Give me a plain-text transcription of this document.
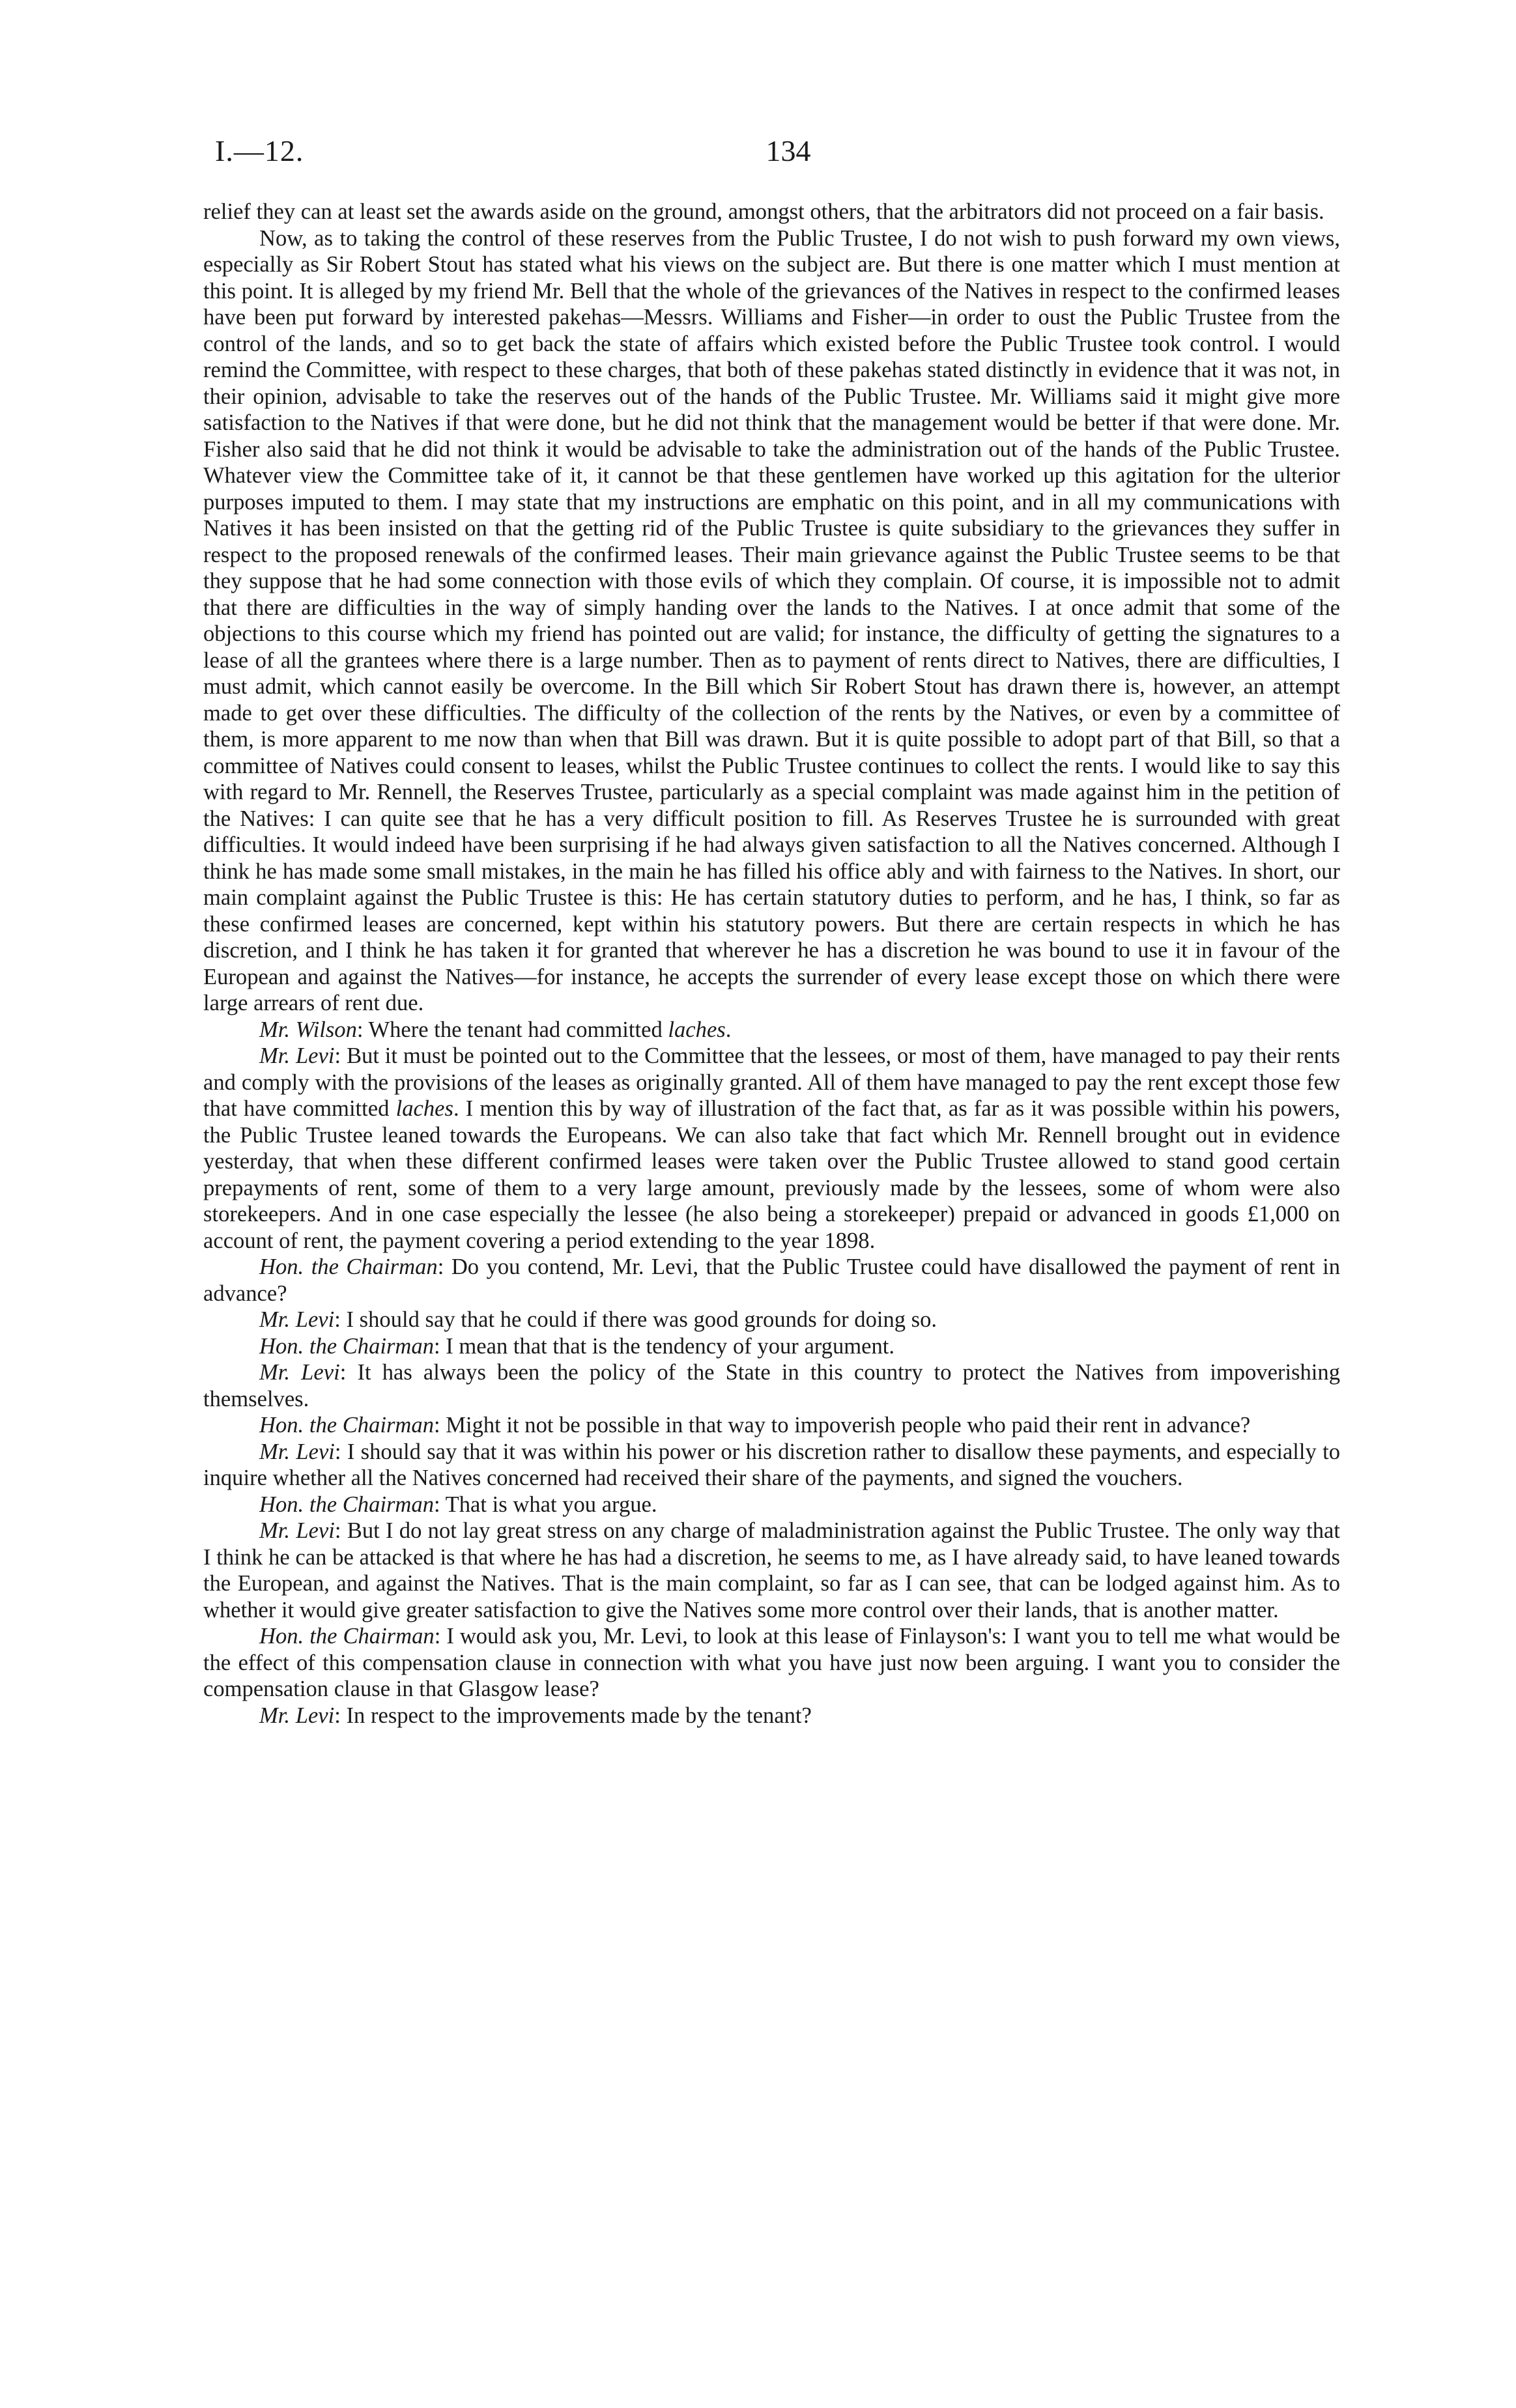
I.—12.	134

relief they can at least set the awards aside on the ground, amongst others, that the arbitrators did not proceed on a fair basis.

Now, as to taking the control of these reserves from the Public Trustee, I do not wish to push forward my own views, especially as Sir Robert Stout has stated what his views on the subject are. But there is one matter which I must mention at this point. It is alleged by my friend Mr. Bell that the whole of the grievances of the Natives in respect to the confirmed leases have been put forward by interested pakehas—Messrs. Williams and Fisher—in order to oust the Public Trustee from the control of the lands, and so to get back the state of affairs which existed before the Public Trustee took control. I would remind the Committee, with respect to these charges, that both of these pakehas stated distinctly in evidence that it was not, in their opinion, advisable to take the reserves out of the hands of the Public Trustee. Mr. Williams said it might give more satisfaction to the Natives if that were done, but he did not think that the management would be better if that were done. Mr. Fisher also said that he did not think it would be advisable to take the administration out of the hands of the Public Trustee. Whatever view the Committee take of it, it cannot be that these gentlemen have worked up this agitation for the ulterior purposes imputed to them. I may state that my instructions are emphatic on this point, and in all my communications with Natives it has been insisted on that the getting rid of the Public Trustee is quite subsidiary to the grievances they suffer in respect to the proposed renewals of the confirmed leases. Their main grievance against the Public Trustee seems to be that they suppose that he had some connection with those evils of which they complain. Of course, it is impossible not to admit that there are difficulties in the way of simply handing over the lands to the Natives. I at once admit that some of the objections to this course which my friend has pointed out are valid; for instance, the difficulty of getting the signatures to a lease of all the grantees where there is a large number. Then as to payment of rents direct to Natives, there are difficulties, I must admit, which cannot easily be overcome. In the Bill which Sir Robert Stout has drawn there is, however, an attempt made to get over these difficulties. The difficulty of the collection of the rents by the Natives, or even by a committee of them, is more apparent to me now than when that Bill was drawn. But it is quite possible to adopt part of that Bill, so that a committee of Natives could consent to leases, whilst the Public Trustee continues to collect the rents. I would like to say this with regard to Mr. Rennell, the Reserves Trustee, particularly as a special complaint was made against him in the petition of the Natives: I can quite see that he has a very difficult position to fill. As Reserves Trustee he is surrounded with great difficulties. It would indeed have been surprising if he had always given satisfaction to all the Natives concerned. Although I think he has made some small mistakes, in the main he has filled his office ably and with fairness to the Natives. In short, our main complaint against the Public Trustee is this: He has certain statutory duties to perform, and he has, I think, so far as these confirmed leases are concerned, kept within his statutory powers. But there are certain respects in which he has discretion, and I think he has taken it for granted that wherever he has a discretion he was bound to use it in favour of the European and against the Natives—for instance, he accepts the surrender of every lease except those on which there were large arrears of rent due.

Mr. Wilson: Where the tenant had committed laches.

Mr. Levi: But it must be pointed out to the Committee that the lessees, or most of them, have managed to pay their rents and comply with the provisions of the leases as originally granted. All of them have managed to pay the rent except those few that have committed laches. I mention this by way of illustration of the fact that, as far as it was possible within his powers, the Public Trustee leaned towards the Europeans. We can also take that fact which Mr. Rennell brought out in evidence yesterday, that when these different confirmed leases were taken over the Public Trustee allowed to stand good certain prepayments of rent, some of them to a very large amount, previously made by the lessees, some of whom were also storekeepers. And in one case especially the lessee (he also being a storekeeper) prepaid or advanced in goods £1,000 on account of rent, the payment covering a period extending to the year 1898.

Hon. the Chairman: Do you contend, Mr. Levi, that the Public Trustee could have disallowed the payment of rent in advance?

Mr. Levi: I should say that he could if there was good grounds for doing so.

Hon. the Chairman: I mean that that is the tendency of your argument.

Mr. Levi: It has always been the policy of the State in this country to protect the Natives from impoverishing themselves.

Hon. the Chairman: Might it not be possible in that way to impoverish people who paid their rent in advance?

Mr. Levi: I should say that it was within his power or his discretion rather to disallow these payments, and especially to inquire whether all the Natives concerned had received their share of the payments, and signed the vouchers.

Hon. the Chairman: That is what you argue.

Mr. Levi: But I do not lay great stress on any charge of maladministration against the Public Trustee. The only way that I think he can be attacked is that where he has had a discretion, he seems to me, as I have already said, to have leaned towards the European, and against the Natives. That is the main complaint, so far as I can see, that can be lodged against him. As to whether it would give greater satisfaction to give the Natives some more control over their lands, that is another matter.

Hon. the Chairman: I would ask you, Mr. Levi, to look at this lease of Finlayson's: I want you to tell me what would be the effect of this compensation clause in connection with what you have just now been arguing. I want you to consider the compensation clause in that Glasgow lease?

Mr. Levi: In respect to the improvements made by the tenant?
